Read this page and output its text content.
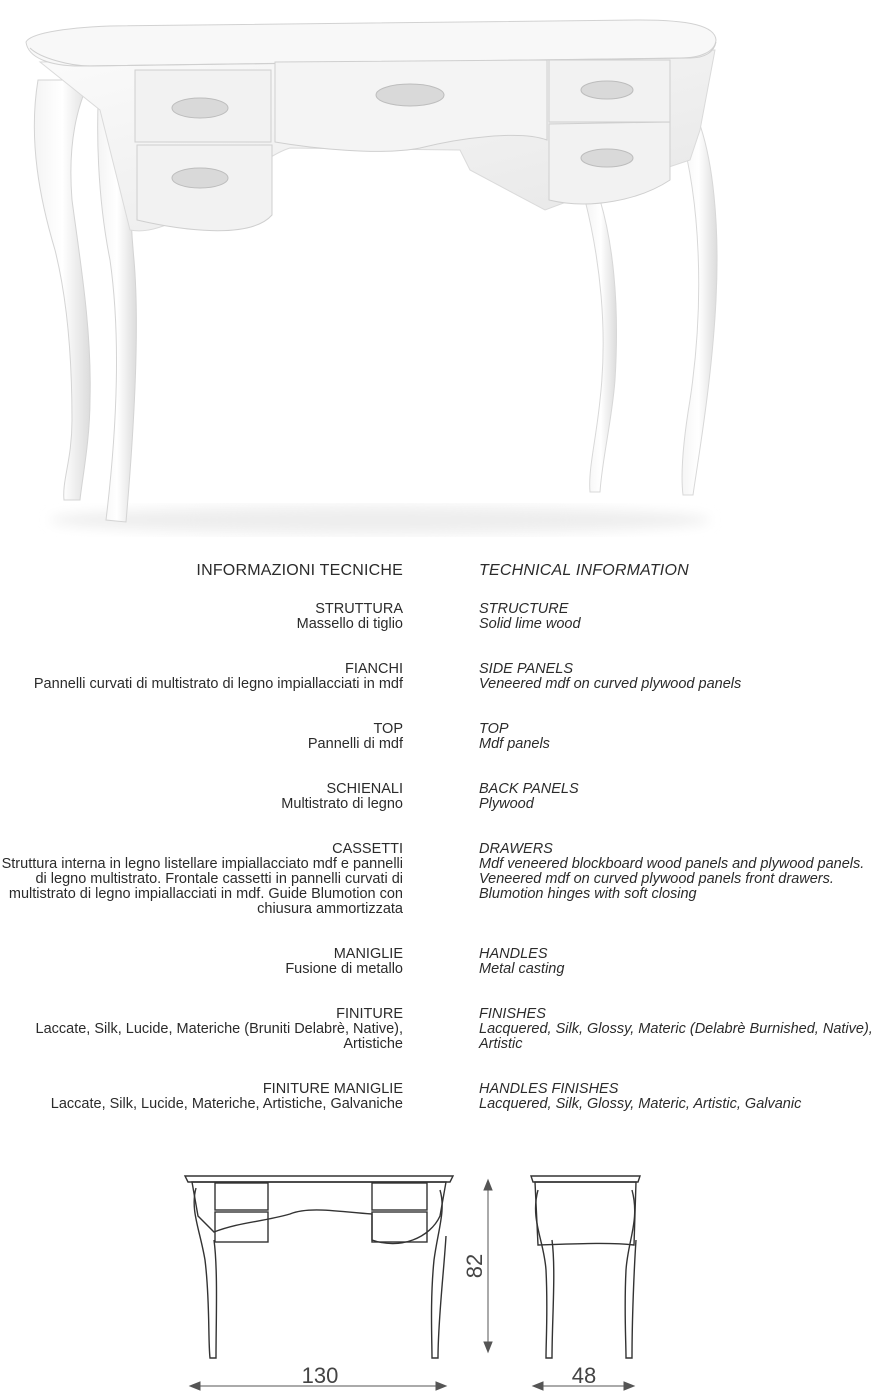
INFORMAZIONI TECNICHE
STRUTTURA
Massello di tiglio
FIANCHI
Pannelli curvati di multistrato di legno impiallacciati in mdf
TOP
Pannelli di mdf
SCHIENALI
Multistrato di legno
CASSETTI
Struttura interna in legno listellare impiallacciato mdf e pannelli
di legno multistrato. Frontale cassetti in pannelli curvati di
multistrato di legno impiallacciati in mdf. Guide Blumotion con
chiusura ammortizzata
MANIGLIE
Fusione di metallo
FINITURE
Laccate, Silk, Lucide, Materiche (Bruniti Delabrè, Native),
Artistiche
FINITURE MANIGLIE
Laccate, Silk, Lucide, Materiche, Artistiche, Galvaniche
TECHNICAL INFORMATION
STRUCTURE
Solid lime wood
SIDE PANELS
Veneered mdf on curved plywood panels
TOP
Mdf panels
BACK PANELS
Plywood
DRAWERS
Mdf veneered blockboard wood panels and plywood panels.
Veneered mdf on curved plywood panels front drawers.
Blumotion hinges with soft closing
HANDLES
Metal casting
FINISHES
Lacquered, Silk, Glossy, Materic (Delabrè Burnished, Native),
Artistic
HANDLES FINISHES
Lacquered, Silk, Glossy, Materic, Artistic, Galvanic
130	48
82
